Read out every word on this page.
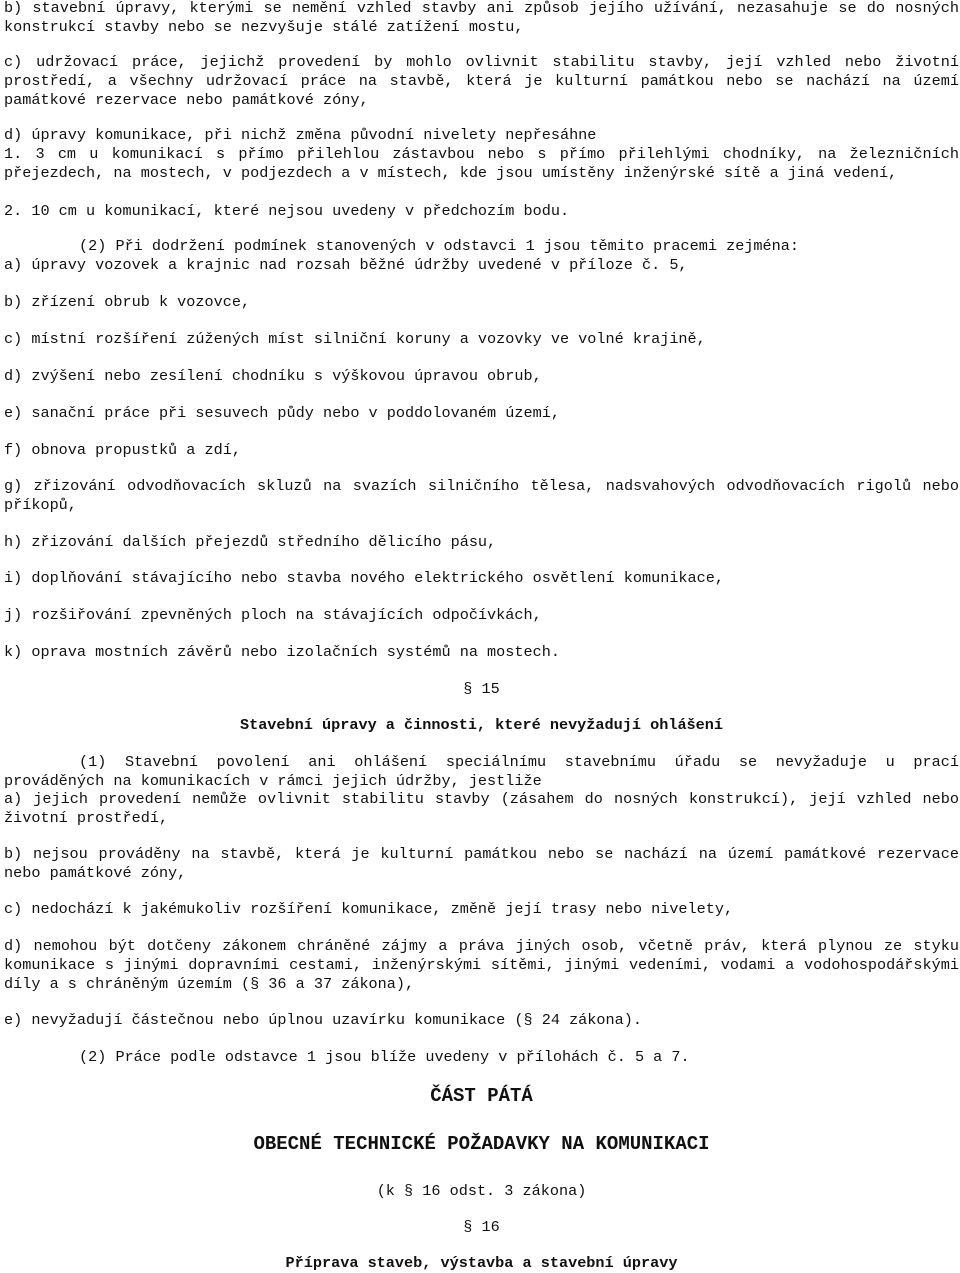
b) stavební úpravy, kterými se nemění vzhled stavby ani způsob jejího užívání, nezasahuje se do nosných konstrukcí stavby nebo se nezvyšuje stálé zatížení mostu,

c) udržovací práce, jejichž provedení by mohlo ovlivnit stabilitu stavby, její vzhled nebo životní prostředí, a všechny udržovací práce na stavbě, která je kulturní památkou nebo se nachází na území památkové rezervace nebo památkové zóny,

d) úpravy komunikace, při nichž změna původní nivelety nepřesáhne

1. 3 cm u komunikací s přímo přilehlou zástavbou nebo s přímo přilehlými chodníky, na železničních přejezdech, na mostech, v podjezdech a v místech, kde jsou umístěny inženýrské sítě a jiná vedení,

2. 10 cm u komunikací, které nejsou uvedeny v předchozím bodu.

(2) Při dodržení podmínek stanovených v odstavci 1 jsou těmito pracemi zejména:

a) úpravy vozovek a krajnic nad rozsah běžné údržby uvedené v příloze č. 5,

b) zřízení obrub k vozovce,

c) místní rozšíření zúžených míst silniční koruny a vozovky ve volné krajině,

d) zvýšení nebo zesílení chodníku s výškovou úpravou obrub,

e) sanační práce při sesuvech půdy nebo v poddolovaném území,

f) obnova propustků a zdí,

g) zřizování odvodňovacích skluzů na svazích silničního tělesa, nadsvahových odvodňovacích rigolů nebo příkopů,

h) zřizování dalších přejezdů středního dělicího pásu,

i) doplňování stávajícího nebo stavba nového elektrického osvětlení komunikace,

j) rozšiřování zpevněných ploch na stávajících odpočívkách,

k) oprava mostních závěrů nebo izolačních systémů na mostech.

§ 15

Stavební úpravy a činnosti, které nevyžadují ohlášení

(1) Stavební povolení ani ohlášení speciálnímu stavebnímu úřadu se nevyžaduje u prací prováděných na komunikacích v rámci jejich údržby, jestliže

a) jejich provedení nemůže ovlivnit stabilitu stavby (zásahem do nosných konstrukcí), její vzhled nebo životní prostředí,

b) nejsou prováděny na stavbě, která je kulturní památkou nebo se nachází na území památkové rezervace nebo památkové zóny,

c) nedochází k jakémukoliv rozšíření komunikace, změně její trasy nebo nivelety,

d) nemohou být dotčeny zákonem chráněné zájmy a práva jiných osob, včetně práv, která plynou ze styku komunikace s jinými dopravními cestami, inženýrskými sítěmi, jinými vedeními, vodami a vodohospodářskými díly a s chráněným územím (§ 36 a 37 zákona),

e) nevyžadují částečnou nebo úplnou uzavírku komunikace (§ 24 zákona).

(2) Práce podle odstavce 1 jsou blíže uvedeny v přílohách č. 5 a 7.

ČÁST PÁTÁ

OBECNÉ TECHNICKÉ POŽADAVKY NA KOMUNIKACI

(k § 16 odst. 3 zákona)

§ 16

Příprava staveb, výstavba a stavební úpravy
